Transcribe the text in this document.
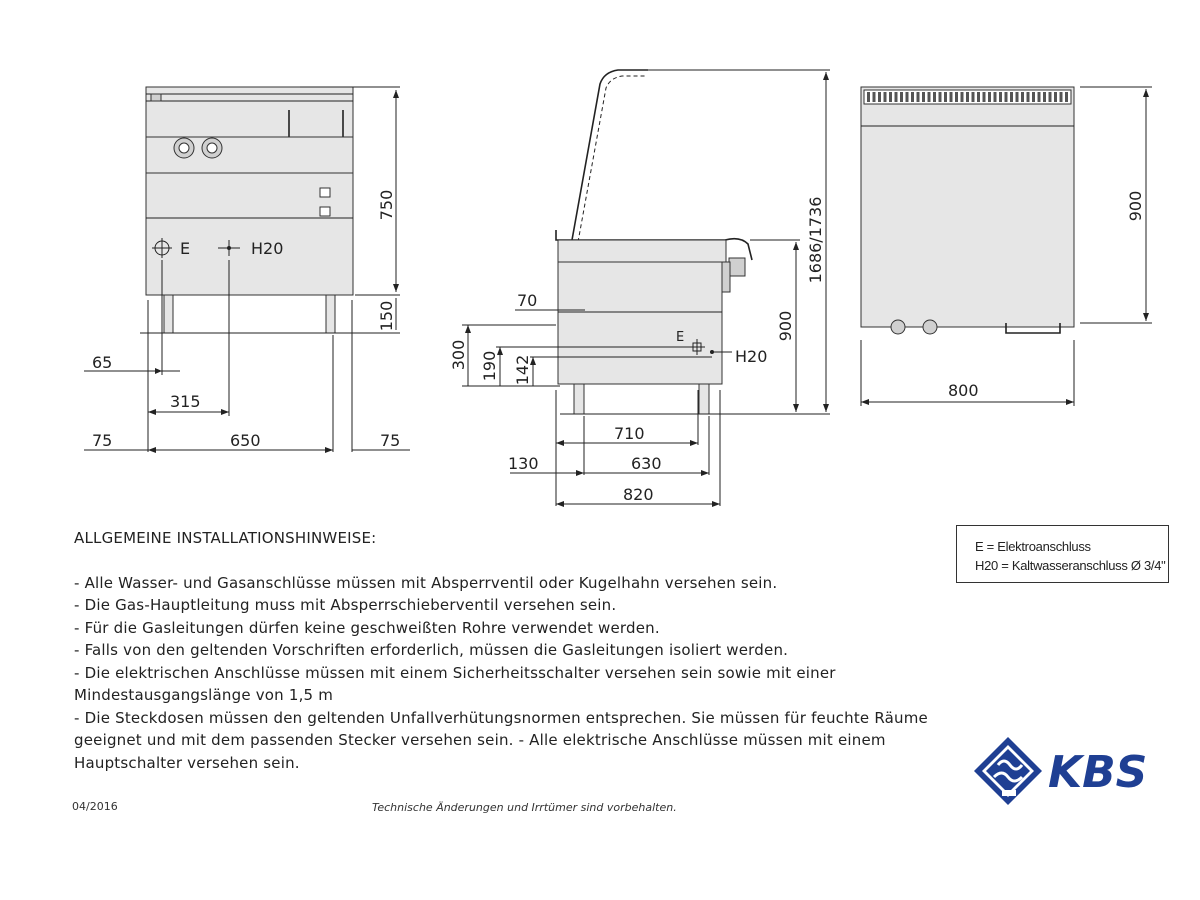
E	H20
750
150
65
315
75	650	75
E
H20
70
300 190 142
900
1686/1736
710
130	630
820
900
800
ALLGEMEINE INSTALLATIONSHINWEISE:
- Alle Wasser- und Gasanschlüsse müssen mit Absperrventil oder Kugelhahn versehen sein.
- Die Gas-Hauptleitung muss mit Absperrschieberventil versehen sein.
- Für die Gasleitungen dürfen keine geschweißten Rohre verwendet werden.
- Falls von den geltenden Vorschriften erforderlich, müssen die Gasleitungen isoliert werden.
- Die elektrischen Anschlüsse müssen mit einem Sicherheitsschalter versehen sein sowie mit einer
Mindestausgangslänge von 1,5 m
- Die Steckdosen müssen den geltenden Unfallverhütungsnormen entsprechen. Sie müssen für feuchte Räume
geeignet und mit dem passenden Stecker versehen sein. - Alle elektrische Anschlüsse müssen mit einem
Hauptschalter versehen sein.
E = Elektroanschluss
H20 = Kaltwasseranschluss Ø 3/4"
04/2016	Technische Änderungen und Irrtümer sind vorbehalten.
KBS
